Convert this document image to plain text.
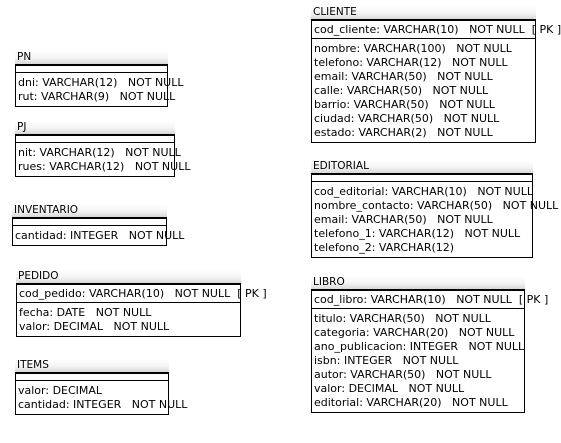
PN
dni: VARCHAR(12)   NOT NULL
rut: VARCHAR(9)   NOT NULL
PJ
nit: VARCHAR(12)   NOT NULL
rues: VARCHAR(12)   NOT NULL
INVENTARIO
cantidad: INTEGER   NOT NULL
PEDIDO
cod_pedido: VARCHAR(10)   NOT NULL  [ PK ]
fecha: DATE   NOT NULL
valor: DECIMAL   NOT NULL
ITEMS
valor: DECIMAL
cantidad: INTEGER   NOT NULL
CLIENTE
cod_cliente: VARCHAR(10)   NOT NULL  [ PK ]
nombre: VARCHAR(100)   NOT NULL
telefono: VARCHAR(12)   NOT NULL
email: VARCHAR(50)   NOT NULL
calle: VARCHAR(50)   NOT NULL
barrio: VARCHAR(50)   NOT NULL
ciudad: VARCHAR(50)   NOT NULL
estado: VARCHAR(2)   NOT NULL
EDITORIAL
cod_editorial: VARCHAR(10)   NOT NULL
nombre_contacto: VARCHAR(50)   NOT NULL
email: VARCHAR(50)   NOT NULL
telefono_1: VARCHAR(12)   NOT NULL
telefono_2: VARCHAR(12)
LIBRO
cod_libro: VARCHAR(10)   NOT NULL  [ PK ]
titulo: VARCHAR(50)   NOT NULL
categoria: VARCHAR(20)   NOT NULL
ano_publicacion: INTEGER   NOT NULL
isbn: INTEGER   NOT NULL
autor: VARCHAR(50)   NOT NULL
valor: DECIMAL   NOT NULL
editorial: VARCHAR(20)   NOT NULL
